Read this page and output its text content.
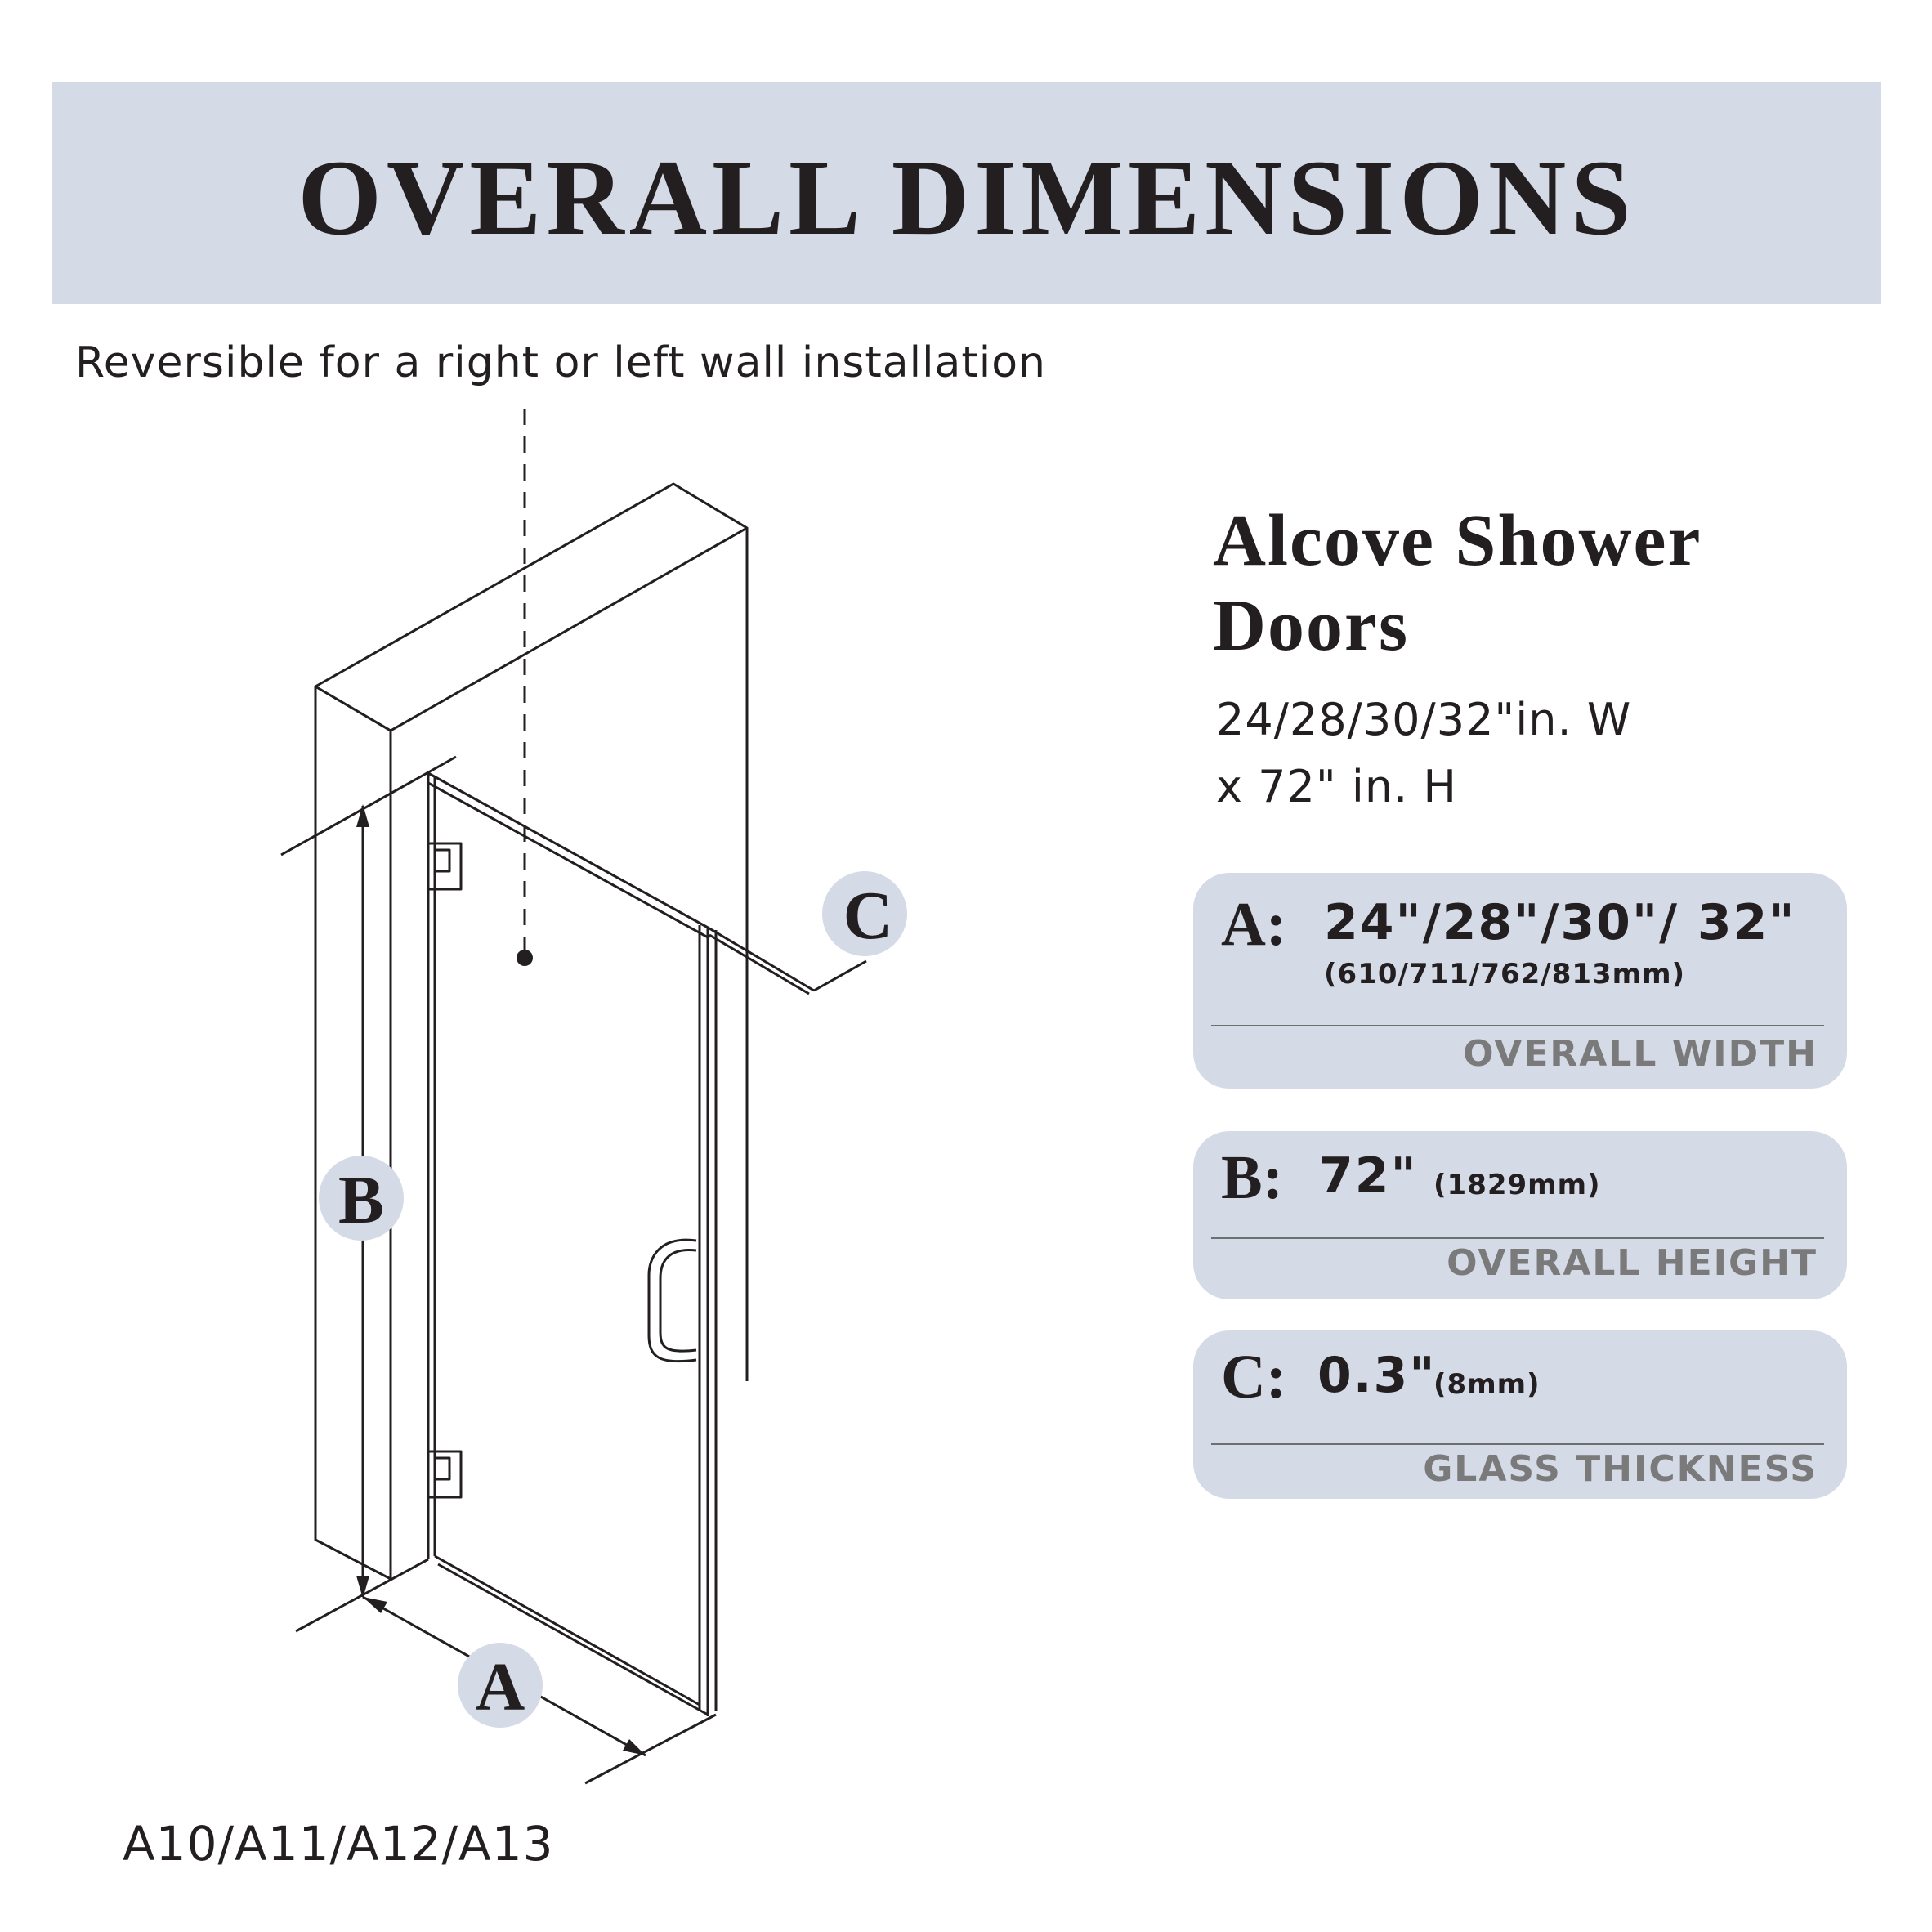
OVERALL DIMENSIONS
Reversible for a right or left wall installation
A
B
C
Alcove Shower Doors
24/28/30/32"in. W
x 72" in. H
A: 24"/28"/30"/ 32"
(610/711/762/813mm)
OVERALL WIDTH
B: 72" (1829mm)
OVERALL HEIGHT
C: 0.3"
(8mm)
GLASS THICKNESS
A10/A11/A12/A13
